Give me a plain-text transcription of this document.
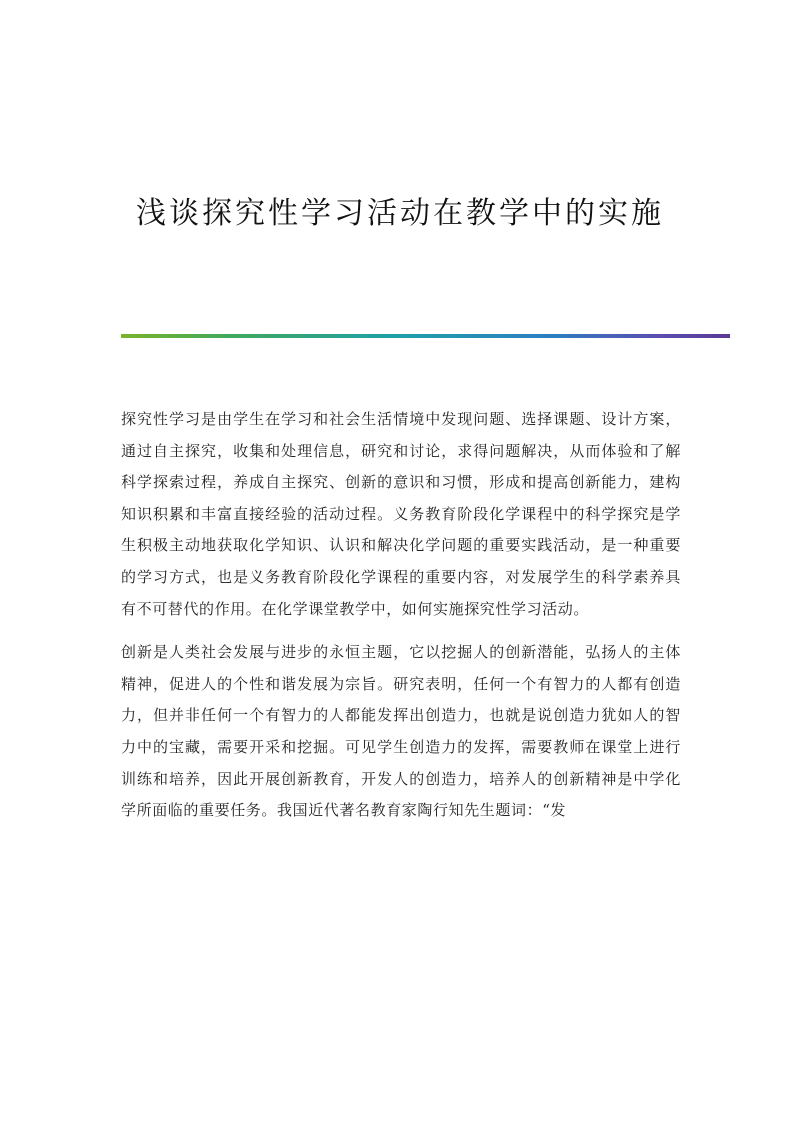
浅谈探究性学习活动在教学中的实施

探究性学习是由学生在学习和社会生活情境中发现问题、选择课题、设计方案，通过自主探究，收集和处理信息，研究和讨论，求得问题解决，从而体验和了解科学探索过程，养成自主探究、创新的意识和习惯，形成和提高创新能力，建构知识积累和丰富直接经验的活动过程。义务教育阶段化学课程中的科学探究是学生积极主动地获取化学知识、认识和解决化学问题的重要实践活动，是一种重要的学习方式，也是义务教育阶段化学课程的重要内容，对发展学生的科学素养具有不可替代的作用。在化学课堂教学中，如何实施探究性学习活动。

创新是人类社会发展与进步的永恒主题，它以挖掘人的创新潜能，弘扬人的主体精神，促进人的个性和谐发展为宗旨。研究表明，任何一个有智力的人都有创造力，但并非任何一个有智力的人都能发挥出创造力，也就是说创造力犹如人的智力中的宝藏，需要开采和挖掘。可见学生创造力的发挥，需要教师在课堂上进行训练和培养，因此开展创新教育，开发人的创造力，培养人的创新精神是中学化学所面临的重要任务。我国近代著名教育家陶行知先生题词：“发
